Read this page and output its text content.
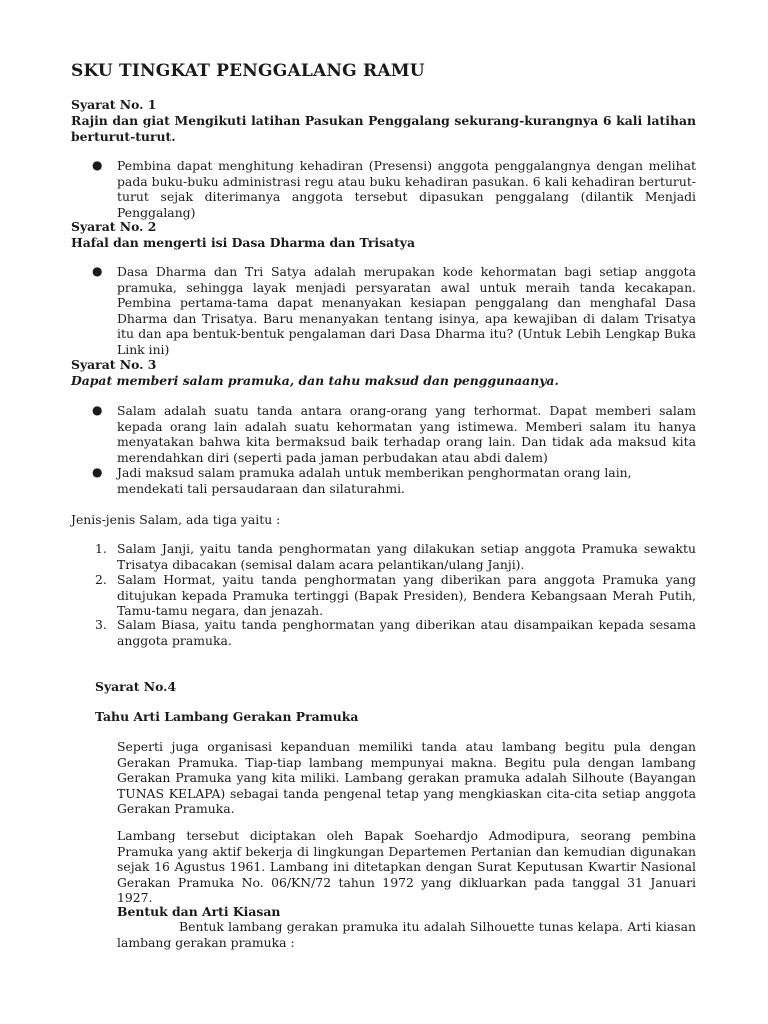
SKU TINGKAT PENGGALANG RAMU
Syarat No. 1
Rajin dan giat Mengikuti latihan Pasukan Penggalang sekurang-kurangnya 6 kali latihan berturut-turut.
● Pembina dapat menghitung kehadiran (Presensi) anggota penggalangnya dengan melihat pada buku-buku administrasi regu atau buku kehadiran pasukan. 6 kali kehadiran berturut-turut sejak diterimanya anggota tersebut dipasukan penggalang (dilantik Menjadi Penggalang)
Syarat No. 2
Hafal dan mengerti isi Dasa Dharma dan Trisatya
● Dasa Dharma dan Tri Satya adalah merupakan kode kehormatan bagi setiap anggota pramuka, sehingga layak menjadi persyaratan awal untuk meraih tanda kecakapan. Pembina pertama-tama dapat menanyakan kesiapan penggalang dan menghafal Dasa Dharma dan Trisatya. Baru menanyakan tentang isinya, apa kewajiban di dalam Trisatya itu dan apa bentuk-bentuk pengalaman dari Dasa Dharma itu? (Untuk Lebih Lengkap Buka Link ini)
Syarat No. 3
Dapat memberi salam pramuka, dan tahu maksud dan penggunaanya.
● Salam adalah suatu tanda antara orang-orang yang terhormat. Dapat memberi salam kepada orang lain adalah suatu kehormatan yang istimewa. Memberi salam itu hanya menyatakan bahwa kita bermaksud baik terhadap orang lain. Dan tidak ada maksud kita merendahkan diri (seperti pada jaman perbudakan atau abdi dalem)
● Jadi maksud salam pramuka adalah untuk memberikan penghormatan orang lain, mendekati tali persaudaraan dan silaturahmi.
Jenis-jenis Salam, ada tiga yaitu :
1. Salam Janji, yaitu tanda penghormatan yang dilakukan setiap anggota Pramuka sewaktu Trisatya dibacakan (semisal dalam acara pelantikan/ulang Janji).
2. Salam Hormat, yaitu tanda penghormatan yang diberikan para anggota Pramuka yang ditujukan kepada Pramuka tertinggi (Bapak Presiden), Bendera Kebangsaan Merah Putih, Tamu-tamu negara, dan jenazah.
3. Salam Biasa, yaitu tanda penghormatan yang diberikan atau disampaikan kepada sesama anggota pramuka.
Syarat No.4
Tahu Arti Lambang Gerakan Pramuka
Seperti juga organisasi kepanduan memiliki tanda atau lambang begitu pula dengan Gerakan Pramuka. Tiap-tiap lambang mempunyai makna. Begitu pula dengan lambang Gerakan Pramuka yang kita miliki. Lambang gerakan pramuka adalah Silhoute (Bayangan TUNAS KELAPA) sebagai tanda pengenal tetap yang mengkiaskan cita-cita setiap anggota Gerakan Pramuka.
Lambang tersebut diciptakan oleh Bapak Soehardjo Admodipura, seorang pembina Pramuka yang aktif bekerja di lingkungan Departemen Pertanian dan kemudian digunakan sejak 16 Agustus 1961. Lambang ini ditetapkan dengan Surat Keputusan Kwartir Nasional Gerakan Pramuka No. 06/KN/72 tahun 1972 yang dikluarkan pada tanggal 31 Januari 1927.
Bentuk dan Arti Kiasan
Bentuk lambang gerakan pramuka itu adalah Silhouette tunas kelapa. Arti kiasan lambang gerakan pramuka :
